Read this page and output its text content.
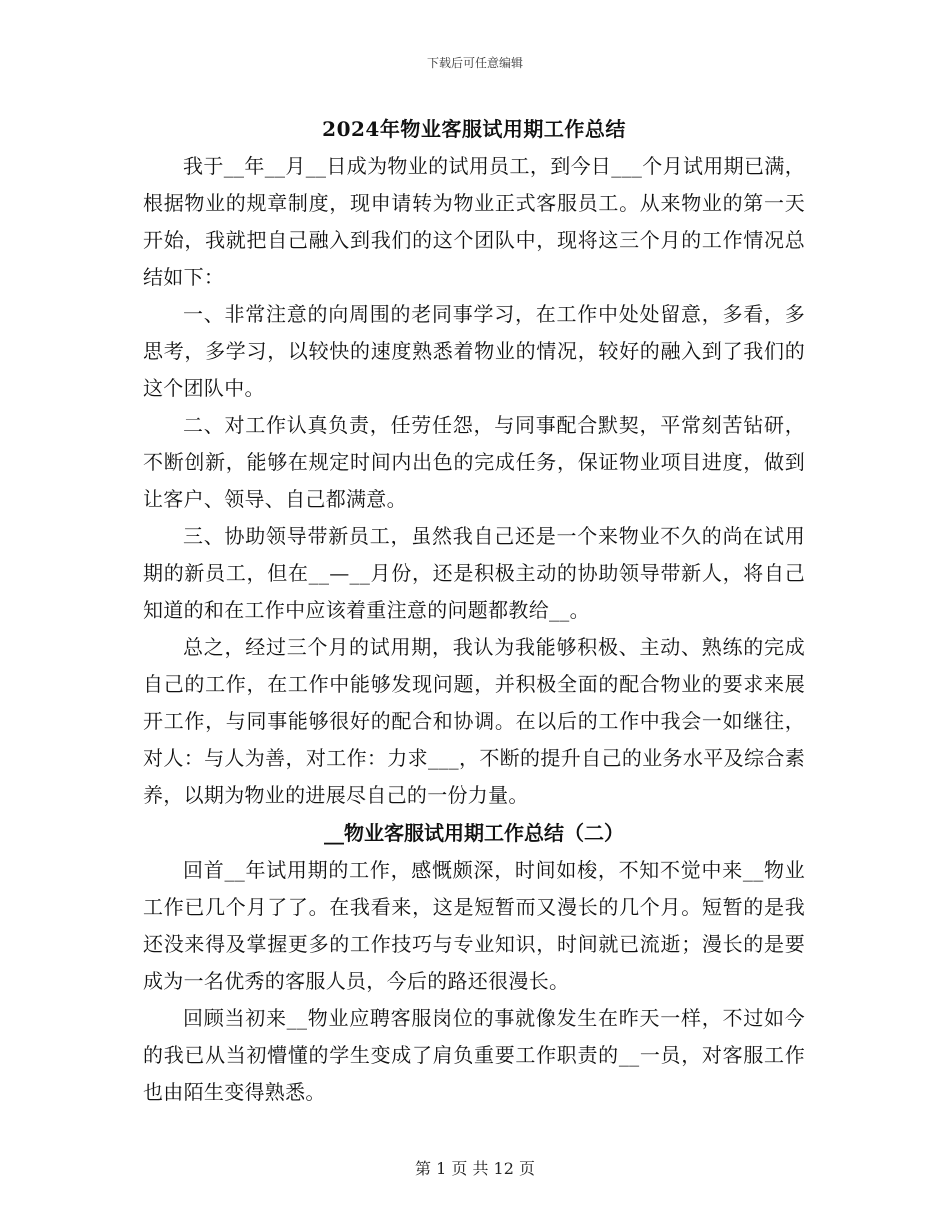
下载后可任意编辑
2024年物业客服试用期工作总结

我于__年__月__日成为物业的试用员工，到今日___个月试用期已满，根据物业的规章制度，现申请转为物业正式客服员工。从来物业的第一天开始，我就把自己融入到我们的这个团队中，现将这三个月的工作情况总结如下：

一、非常注意的向周围的老同事学习，在工作中处处留意，多看，多思考，多学习，以较快的速度熟悉着物业的情况，较好的融入到了我们的这个团队中。

二、对工作认真负责，任劳任怨，与同事配合默契，平常刻苦钻研，不断创新，能够在规定时间内出色的完成任务，保证物业项目进度，做到让客户、领导、自己都满意。

三、协助领导带新员工，虽然我自己还是一个来物业不久的尚在试用期的新员工，但在__—__月份，还是积极主动的协助领导带新人，将自己知道的和在工作中应该着重注意的问题都教给__。

总之，经过三个月的试用期，我认为我能够积极、主动、熟练的完成自己的工作，在工作中能够发现问题，并积极全面的配合物业的要求来展开工作，与同事能够很好的配合和协调。在以后的工作中我会一如继往，对人：与人为善，对工作：力求___，不断的提升自己的业务水平及综合素养，以期为物业的进展尽自己的一份力量。

__物业客服试用期工作总结（二）

回首__年试用期的工作，感慨颇深，时间如梭，不知不觉中来__物业工作已几个月了了。在我看来，这是短暂而又漫长的几个月。短暂的是我还没来得及掌握更多的工作技巧与专业知识，时间就已流逝；漫长的是要成为一名优秀的客服人员，今后的路还很漫长。

回顾当初来__物业应聘客服岗位的事就像发生在昨天一样，不过如今的我已从当初懵懂的学生变成了肩负重要工作职责的__一员，对客服工作也由陌生变得熟悉。

第 1 页 共 12 页
